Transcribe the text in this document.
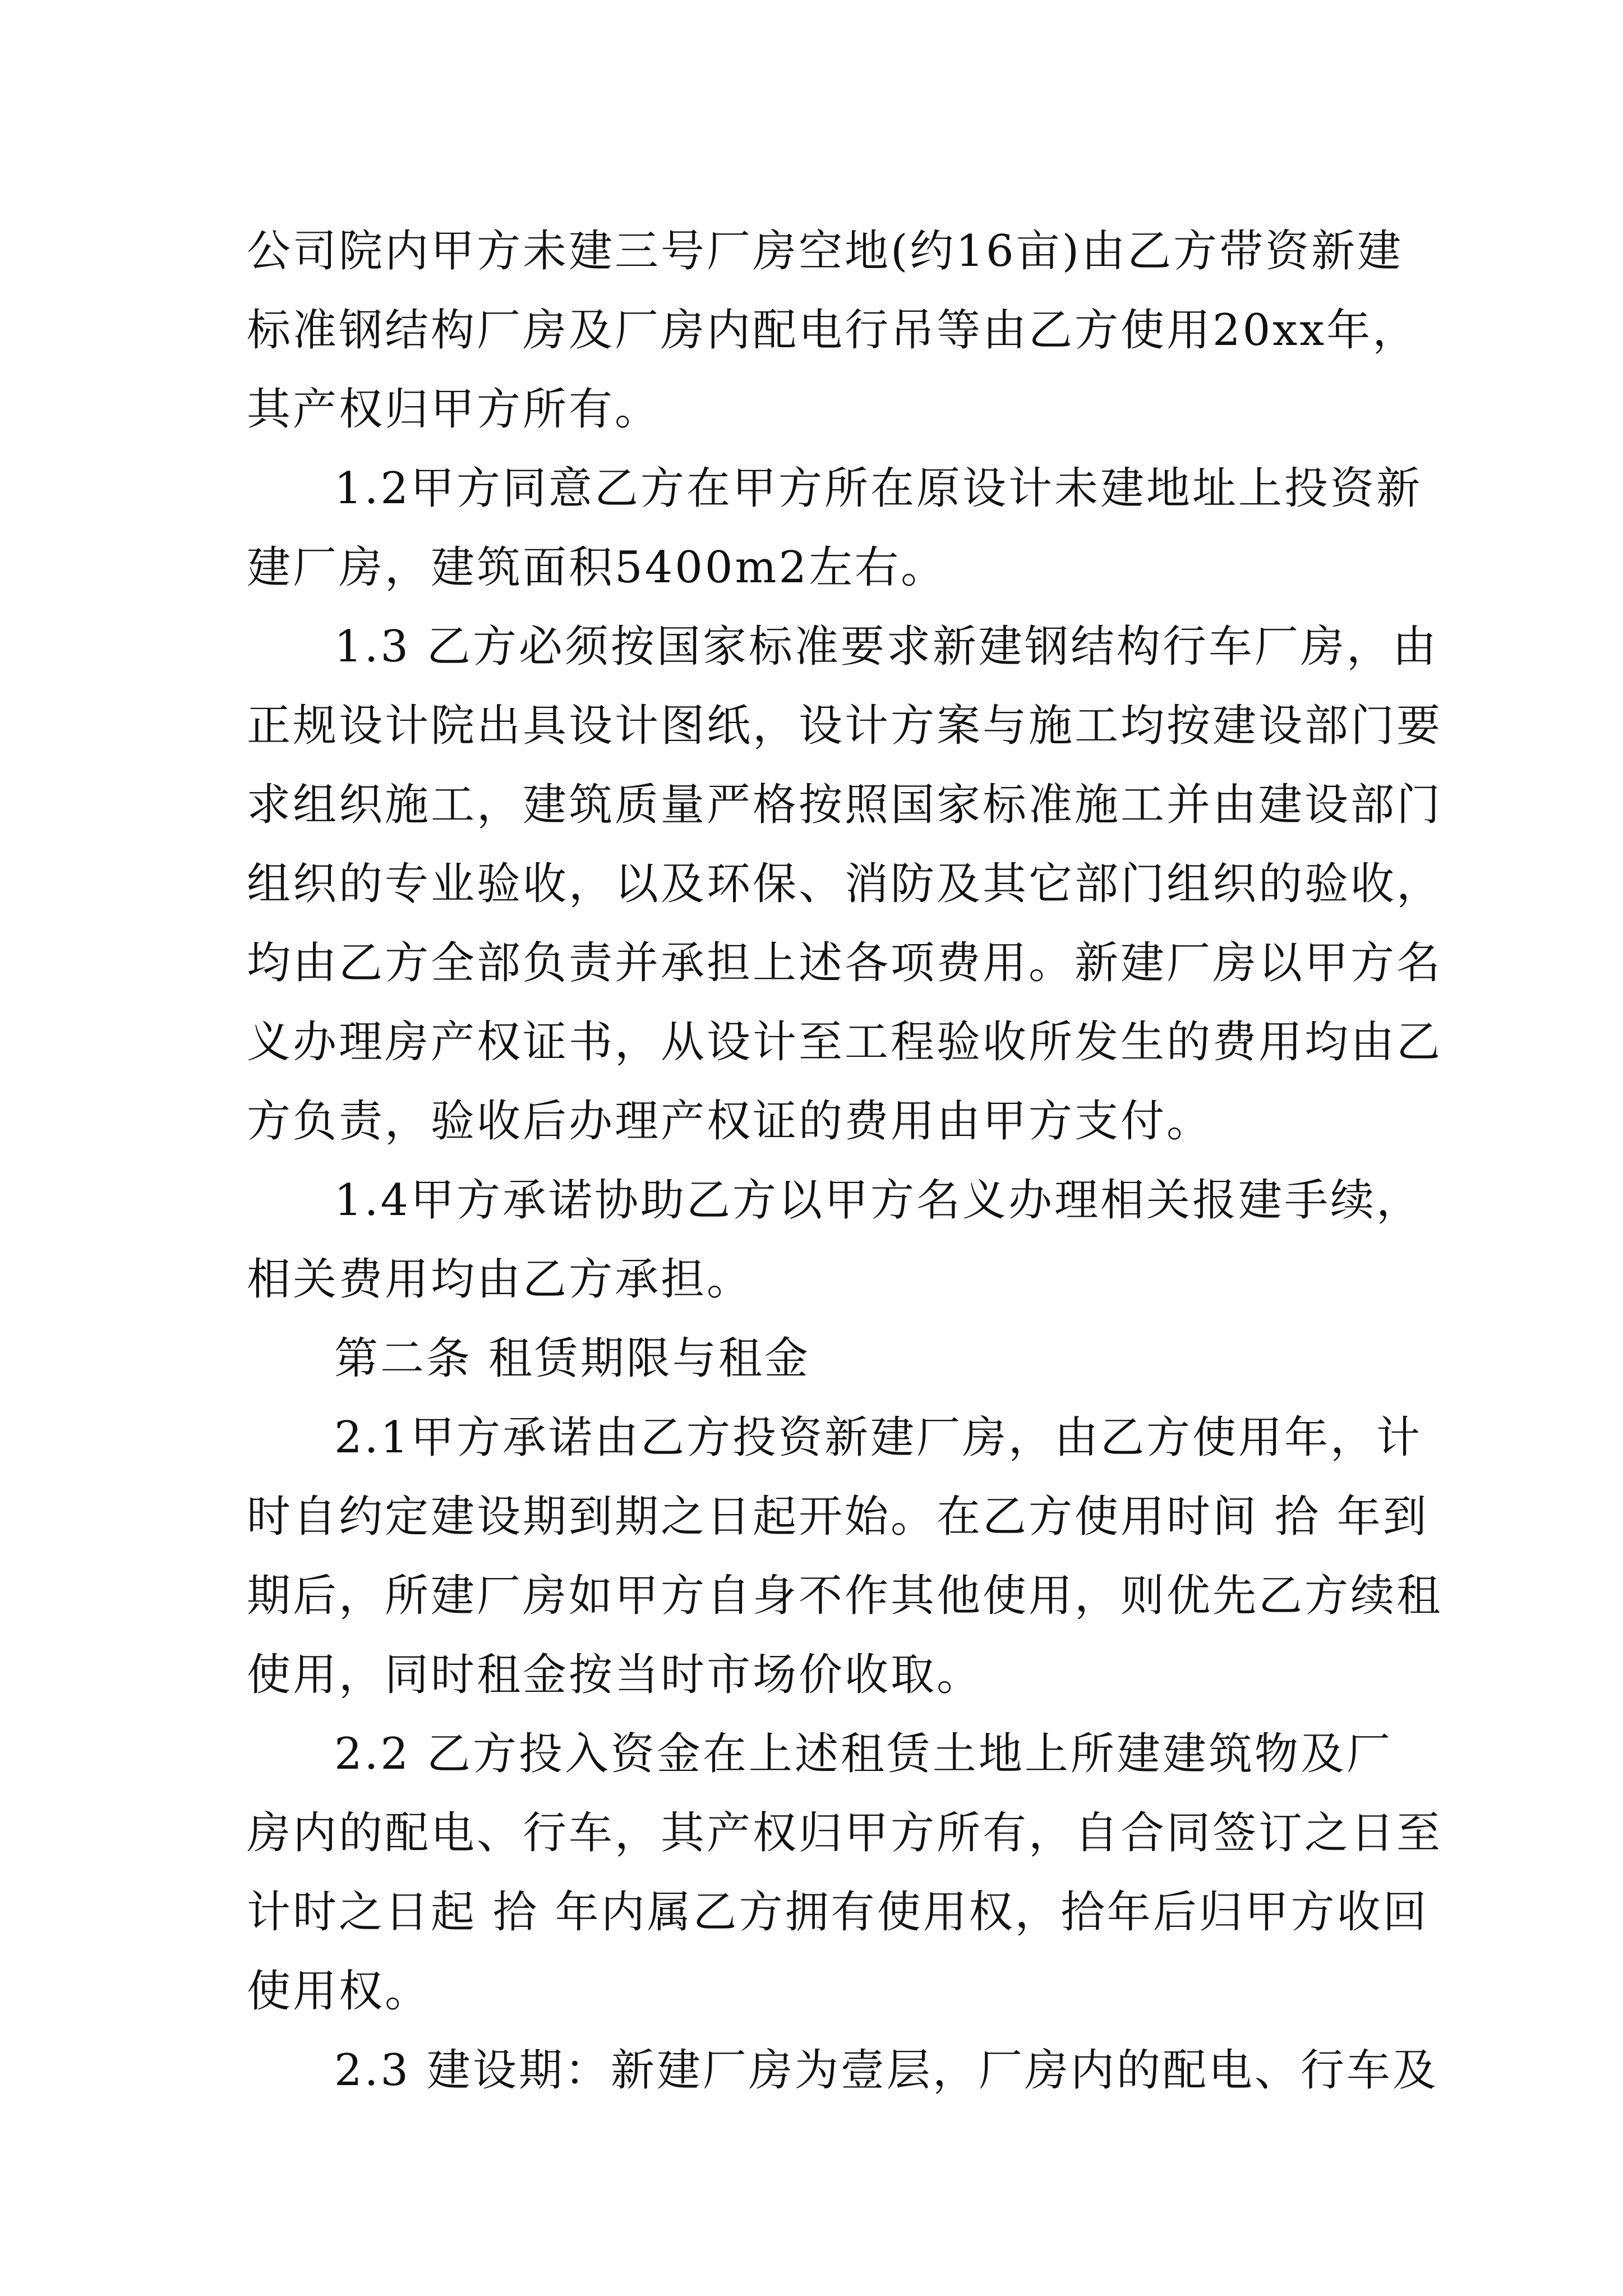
公司院内甲方未建三号厂房空地(约16亩)由乙方带资新建
标准钢结构厂房及厂房内配电行吊等由乙方使用20xx年，
其产权归甲方所有。
1.2甲方同意乙方在甲方所在原设计未建地址上投资新
建厂房，建筑面积5400m2左右。
1.3 乙方必须按国家标准要求新建钢结构行车厂房，由
正规设计院出具设计图纸，设计方案与施工均按建设部门要
求组织施工，建筑质量严格按照国家标准施工并由建设部门
组织的专业验收，以及环保、消防及其它部门组织的验收，
均由乙方全部负责并承担上述各项费用。新建厂房以甲方名
义办理房产权证书，从设计至工程验收所发生的费用均由乙
方负责，验收后办理产权证的费用由甲方支付。
1.4甲方承诺协助乙方以甲方名义办理相关报建手续，
相关费用均由乙方承担。
第二条 租赁期限与租金
2.1甲方承诺由乙方投资新建厂房，由乙方使用年，计
时自约定建设期到期之日起开始。在乙方使用时间 拾 年到
期后，所建厂房如甲方自身不作其他使用，则优先乙方续租
使用，同时租金按当时市场价收取。
2.2 乙方投入资金在上述租赁土地上所建建筑物及厂
房内的配电、行车，其产权归甲方所有，自合同签订之日至
计时之日起 拾 年内属乙方拥有使用权，拾年后归甲方收回
使用权。
2.3 建设期：新建厂房为壹层，厂房内的配电、行车及
